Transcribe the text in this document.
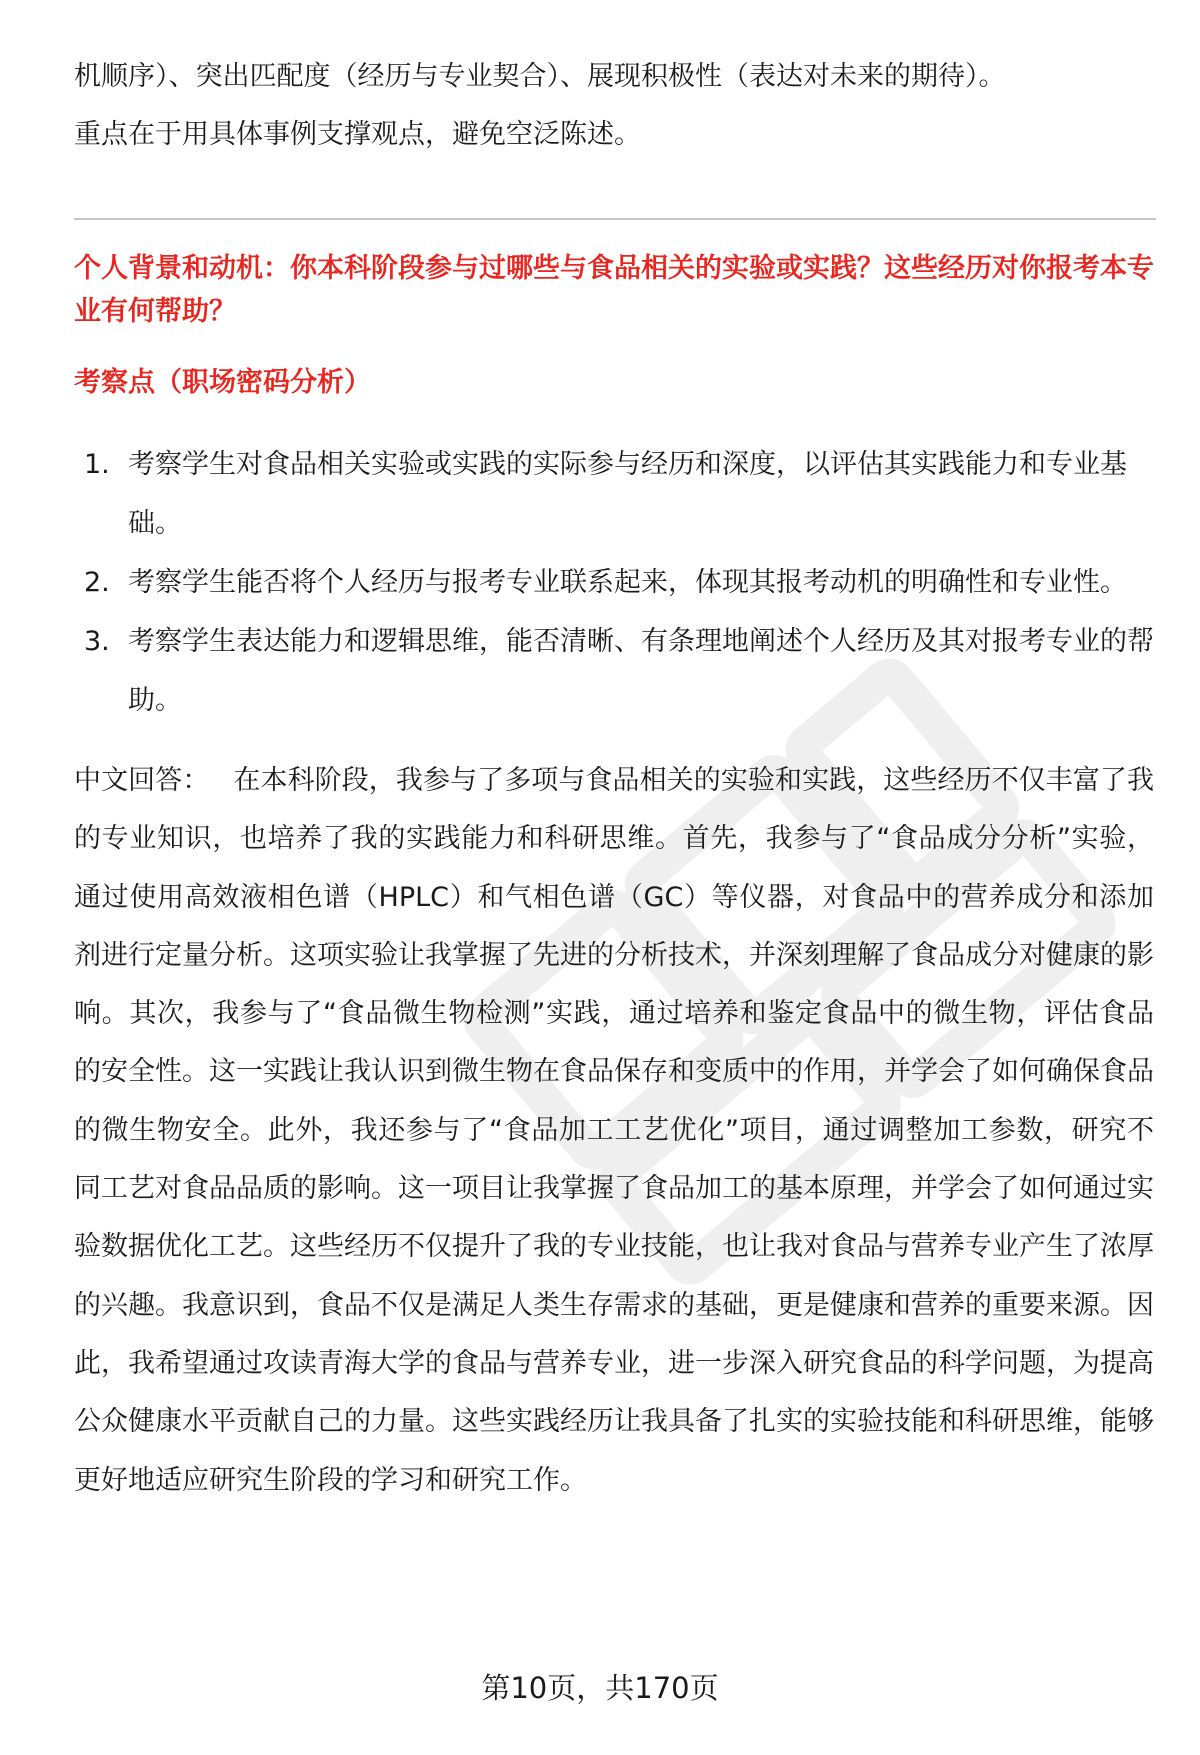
机顺序）、突出匹配度（经历与专业契合）、展现积极性（表达对未来的期待）。

重点在于用具体事例支撑观点，避免空泛陈述。

个人背景和动机：你本科阶段参与过哪些与食品相关的实验或实践？这些经历对你报考本专业有何帮助？

考察点（职场密码分析）

1. 考察学生对食品相关实验或实践的实际参与经历和深度，以评估其实践能力和专业基础。
2. 考察学生能否将个人经历与报考专业联系起来，体现其报考动机的明确性和专业性。
3. 考察学生表达能力和逻辑思维，能否清晰、有条理地阐述个人经历及其对报考专业的帮助。

中文回答： 在本科阶段，我参与了多项与食品相关的实验和实践，这些经历不仅丰富了我的专业知识，也培养了我的实践能力和科研思维。首先，我参与了“食品成分分析”实验，通过使用高效液相色谱（HPLC）和气相色谱（GC）等仪器，对食品中的营养成分和添加剂进行定量分析。这项实验让我掌握了先进的分析技术，并深刻理解了食品成分对健康的影响。其次，我参与了“食品微生物检测”实践，通过培养和鉴定食品中的微生物，评估食品的安全性。这一实践让我认识到微生物在食品保存和变质中的作用，并学会了如何确保食品的微生物安全。此外，我还参与了“食品加工工艺优化”项目，通过调整加工参数，研究不同工艺对食品品质的影响。这一项目让我掌握了食品加工的基本原理，并学会了如何通过实验数据优化工艺。这些经历不仅提升了我的专业技能，也让我对食品与营养专业产生了浓厚的兴趣。我意识到，食品不仅是满足人类生存需求的基础，更是健康和营养的重要来源。因此，我希望通过攻读青海大学的食品与营养专业，进一步深入研究食品的科学问题，为提高公众健康水平贡献自己的力量。这些实践经历让我具备了扎实的实验技能和科研思维，能够更好地适应研究生阶段的学习和研究工作。

第10页，共170页
